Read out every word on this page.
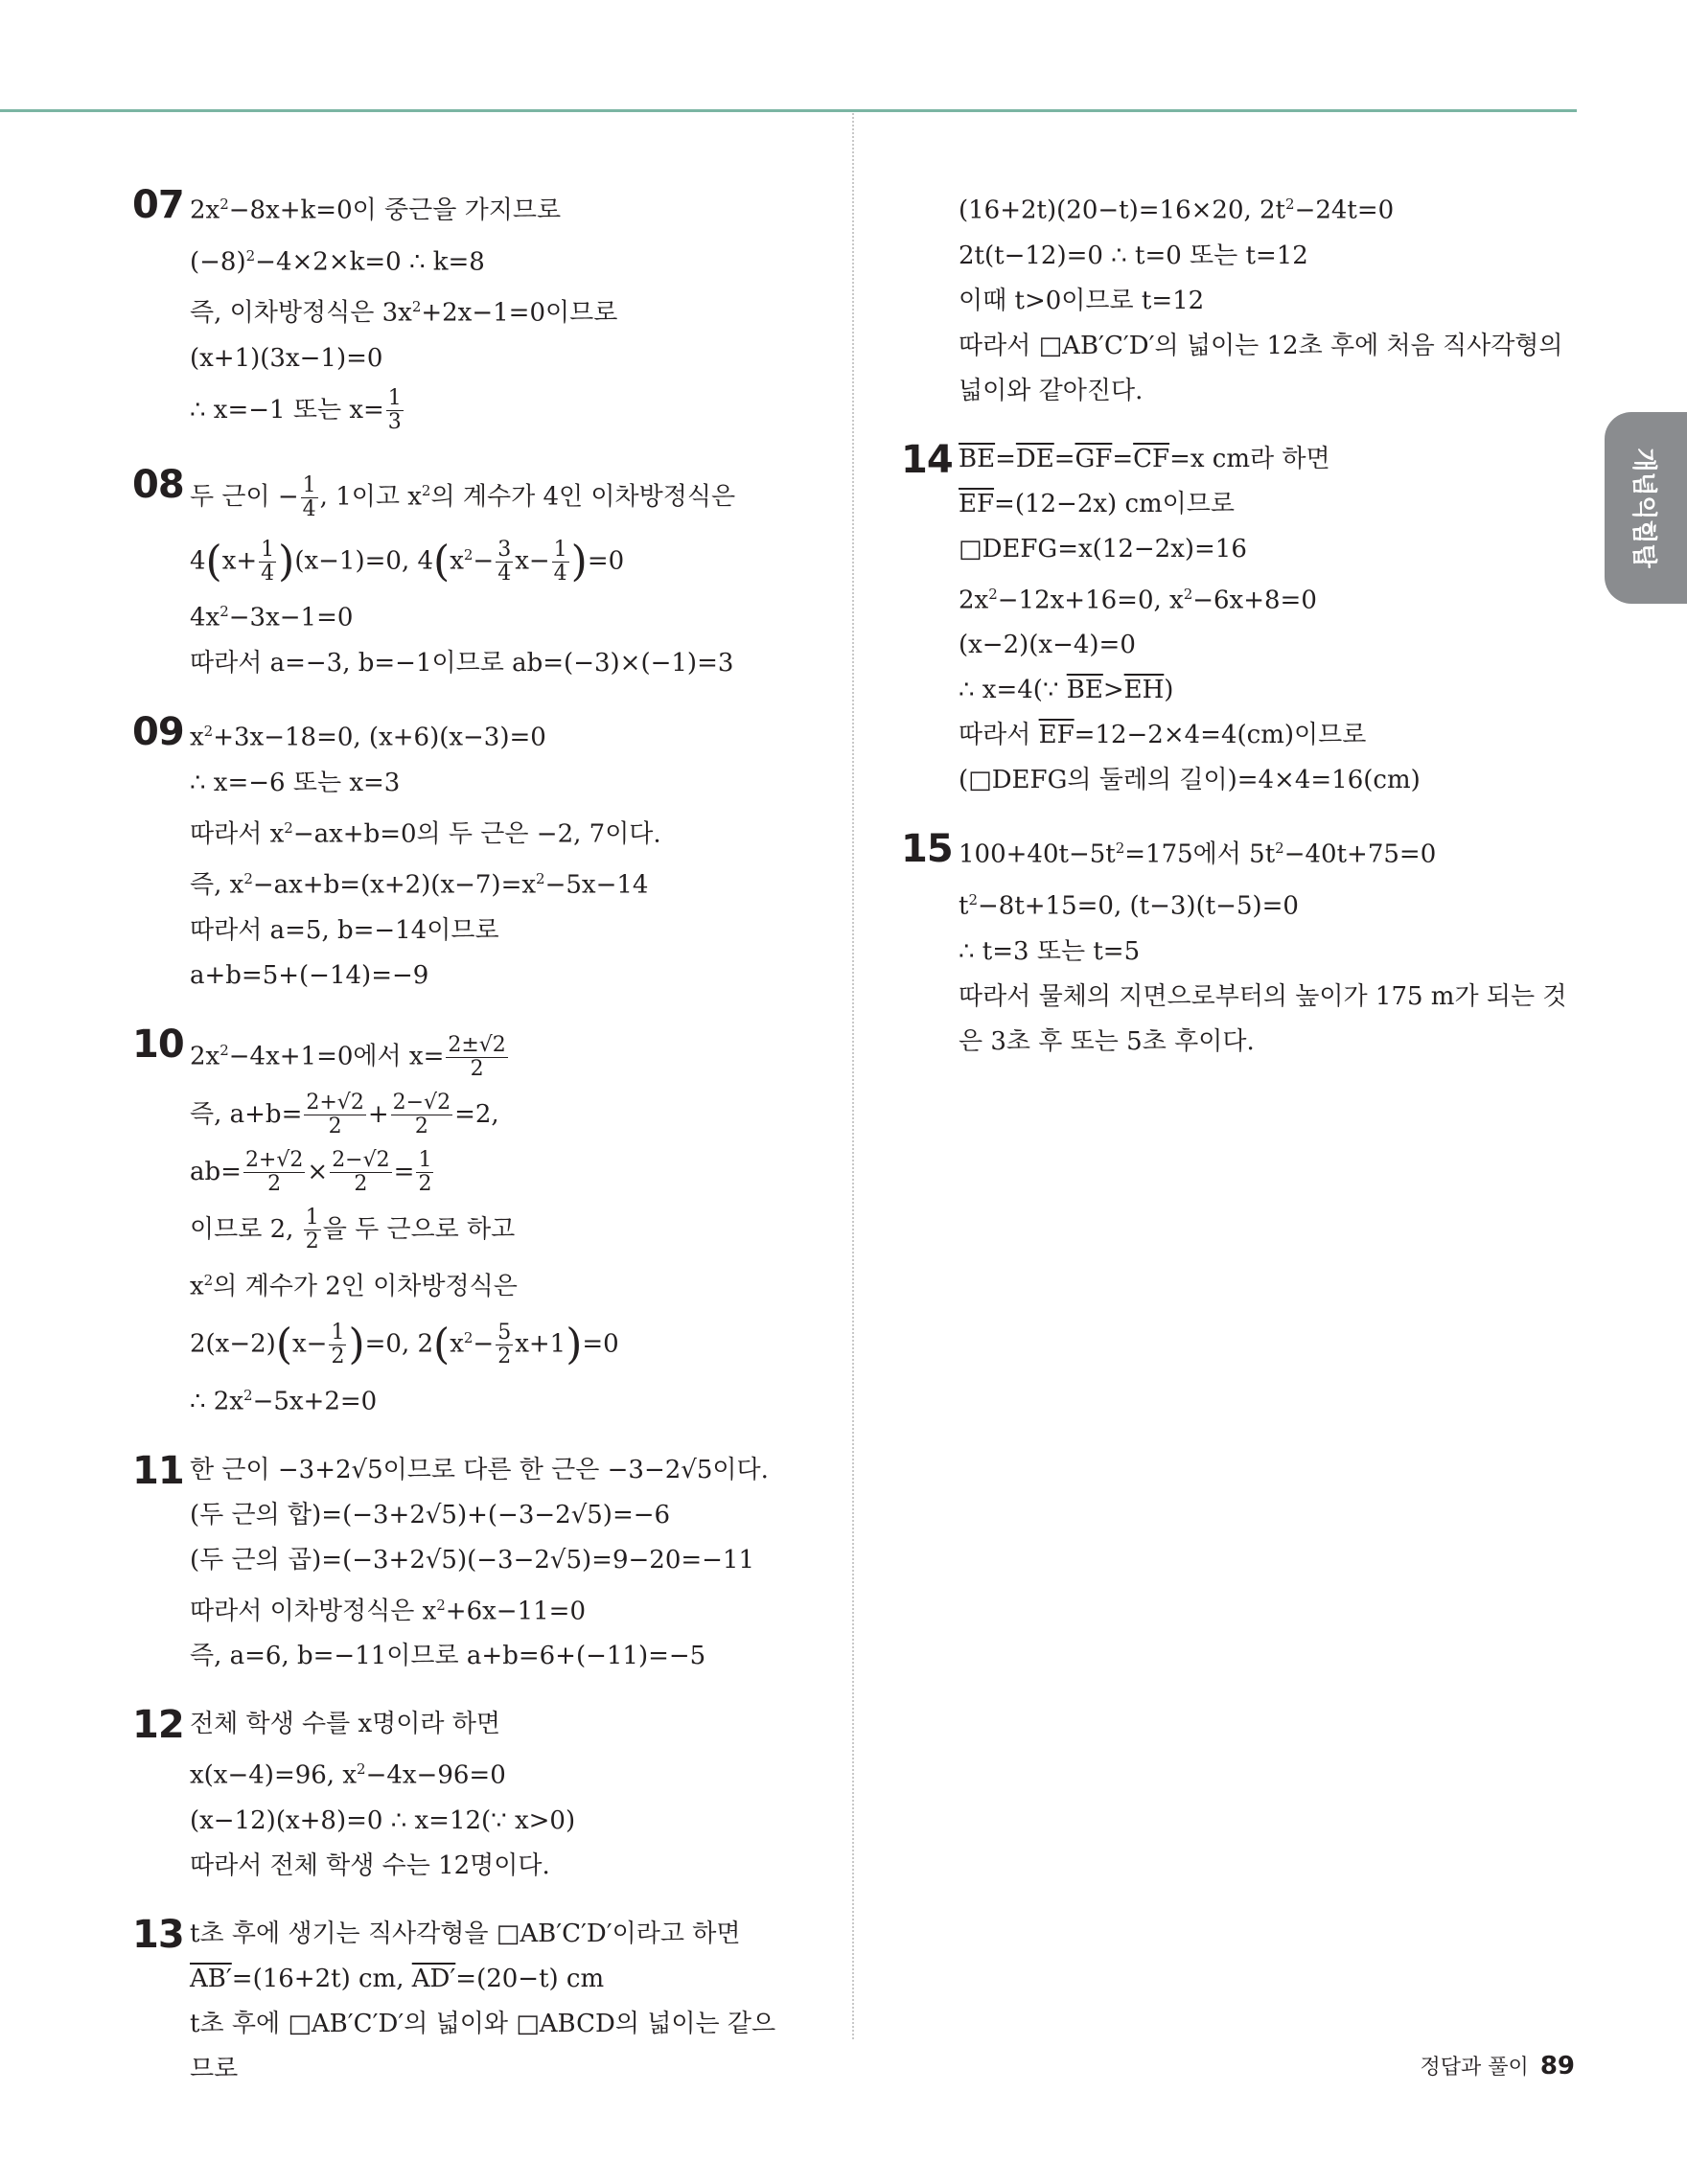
07 $2x^2-8x+k=0$이 중근을 가지므로
$(-8)^2-4\times 2\times k=0$ ∴ k=8
즉, 이차방정식은 $3x^2+2x-1=0$이므로
(x+1)(3x−1)=0
∴ x=−1 또는 $x= \frac{1}{3}$
08 두 근이 − $\frac{1}{4}$ , 1이고 $x^2$의 계수가 4인 이차방정식은
$4(x+ \frac{1}{4} )(x-1)=0$, $4(x^2- \frac{3}{4} x- \frac{1}{4} )=0$
$4x^2-3x-1=0$
따라서 a=−3, b=−1이므로 ab=(−3)×(−1)=3
09 $x^2+3x-18=0$, (x+6)(x−3)=0
∴ x=−6 또는 x=3
따라서 $x^2-ax+b=0$의 두 근은 −2, 7이다.
즉, $x^2-ax+b=(x+2)(x-7)=x^2-5x-14$
따라서 a=5, b=−14이므로
a+b=5+(−14)=−9
10 $2x^2-4x+1=0$에서 $x= \frac{2\pm√2}{2}$
즉, $a+b= \frac{2+√2}{2} + \frac{2-√2}{2} =2$,
$ab= \frac{2+√2}{2} \times \frac{2-√2}{2} = \frac{1}{2}$
이므로 2, $\frac{1}{2}$ 을 두 근으로 하고
$x^2$의 계수가 2인 이차방정식은
$2(x-2)(x- \frac{1}{2} )=0$, $2(x^2- \frac{5}{2} x+1)=0$
∴ $2x^2-5x+2=0$
11 한 근이 −3+2√5이므로 다른 한 근은 −3−2√5이다.
(두 근의 합)=(−3+2√5)+(−3−2√5)=−6
(두 근의 곱)=(−3+2√5)(−3−2√5)=9−20=−11
따라서 이차방정식은 $x^2+6x-11=0$
즉, a=6, b=−11이므로 a+b=6+(−11)=−5
12 전체 학생 수를 x명이라 하면
x(x−4)=96, $x^2-4x-96=0$
(x−12)(x+8)=0 ∴ x=12(∵ x>0)
따라서 전체 학생 수는 12명이다.
13 t초 후에 생기는 직사각형을 □AB′C′D′이라고 하면
AB′=(16+2t) cm, AD′=(20−t) cm
t초 후에 □AB′C′D′의 넓이와 □ABCD의 넓이는 같으
므로
(16+2t)(20−t)=16×20, $2t^2-24t=0$
2t(t−12)=0 ∴ t=0 또는 t=12
이때 t>0이므로 t=12
따라서 □AB′C′D′의 넓이는 12초 후에 처음 직사각형의
넓이와 같아진다.
14 $\overline{BE}=\overline{DE}=\overline{GF}=\overline{CF}=x$ cm라 하면
$\overline{EF}=(12-2x)$ cm이므로
□DEFG=x(12−2x)=16
$2x^2-12x+16=0$, $x^2-6x+8=0$
(x−2)(x−4)=0
∴ x=4(∵ $\overline{BE}>\overline{EH}$)
따라서 $\overline{EF}=12-2\times 4=4(cm)$이므로
(□DEFG의 둘레의 길이)=4×4=16(cm)
15 $100+40t-5t^2=175$에서 $5t^2-40t+75=0$
$t^2-8t+15=0$, (t−3)(t−5)=0
∴ t=3 또는 t=5
따라서 물체의 지면으로부터의 높이가 175 m가 되는 것
은 3초 후 또는 5초 후이다.
개념익힘탑
정답과 풀이 89
